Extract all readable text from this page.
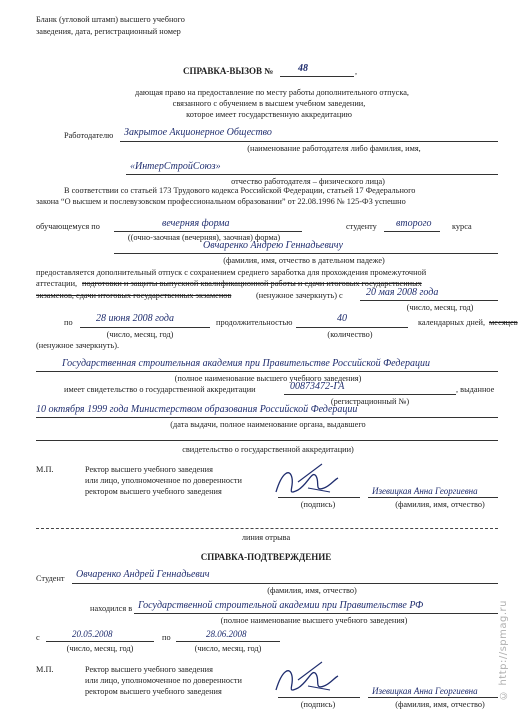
Бланк (угловой штамп) высшего учебного
заведения, дата, регистрационный номер
СПРАВКА-ВЫЗОВ № 48	,
дающая право на предоставление по месту работы дополнительного отпуска,
связанного с обучением в высшем учебном заведении,
которое имеет государственную аккредитацию
Работодателю Закрытое Акционерное Общество
(наименование работодателя либо фамилия, имя,
«ИнтерСтройСоюз»
отчество работодателя – физического лица)
В соответствии со статьей 173 Трудового кодекса Российской Федерации, статьей 17 Федерального
закона “О высшем и послевузовском профессиональном образовании” от 22.08.1996 № 125-ФЗ успешно
обучающемуся по	вечерняя форма	студенту второго курса
((очно-заочная (вечерняя), заочная) форма)
Овчаренко Андрею Геннадьевичу
(фамилия, имя, отчество в дательном падеже)
предоставляется дополнительный отпуск с сохранением среднего заработка для прохождения промежуточной
аттестации, подготовки и защиты выпускной квалификационной работы и сдачи итоговых государственных
экзаменов, сдачи итоговых государственных экзаменов	(ненужное зачеркнуть) с 20 мая 2008 года
(число, месяц, год)
по 28 июня 2008 года	продолжительностью	40	календарных дней, месяцев
(число, месяц, год)	(количество)
(ненужное зачеркнуть).
Государственная строительная академия при Правительстве Российской Федерации
(полное наименование высшего учебного заведения)
имеет свидетельство о государственной аккредитации	00873472-ГА	, выданное
(регистрационный №)
10 октября 1999 года Министерством образования Российской Федерации
(дата выдачи, полное наименование органа, выдавшего
свидетельство о государственной аккредитации)
М.П.	Ректор высшего учебного заведения
или лицо, уполномоченное по доверенности
ректором высшего учебного заведения
(подпись)
Изевицкая Анна Георгиевна
(фамилия, имя, отчество)
линия отрыва
СПРАВКА-ПОДТВЕРЖДЕНИЕ
Студент Овчаренко Андрей Геннадьевич
(фамилия, имя, отчество)
находился в Государственной строительной академии при Правительстве РФ
(полное наименование высшего учебного заведения)
с	20.05.2008	по	28.06.2008
(число, месяц, год)	(число, месяц, год)
М.П.	Ректор высшего учебного заведения
или лицо, уполномоченное по доверенности
ректором высшего учебного заведения
(подпись)
Изевицкая Анна Георгиевна
(фамилия, имя, отчество)
© http://spmag.ru
